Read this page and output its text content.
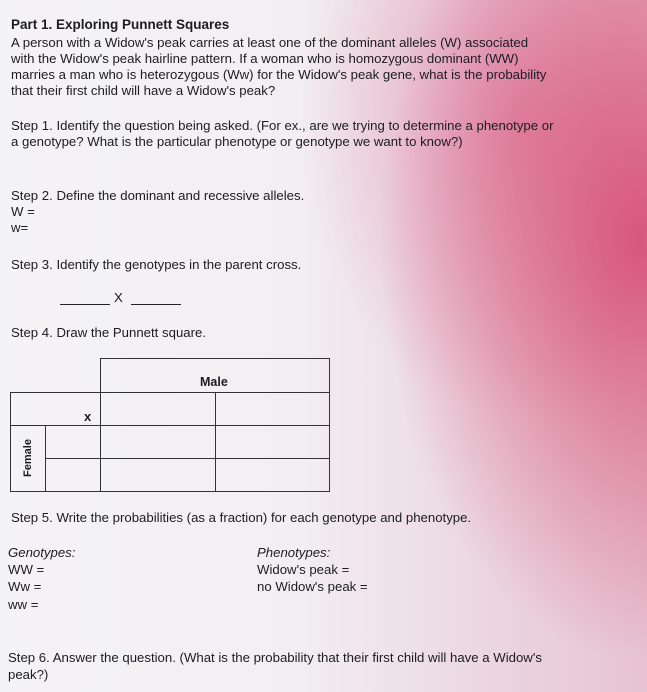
Part 1. Exploring Punnett Squares
A person with a Widow's peak carries at least one of the dominant alleles (W) associated
with the Widow's peak hairline pattern. If a woman who is homozygous dominant (WW)
marries a man who is heterozygous (Ww) for the Widow's peak gene, what is the probability
that their first child will have a Widow's peak?
Step 1. Identify the question being asked. (For ex., are we trying to determine a phenotype or
a genotype? What is the particular phenotype or genotype we want to know?)
Step 2. Define the dominant and recessive alleles.
W =
w=
Step 3. Identify the genotypes in the parent cross.
X
Step 4. Draw the Punnett square.
Male
x
Female
Step 5. Write the probabilities (as a fraction) for each genotype and phenotype.
Genotypes:
WW =
Ww =
ww =
Phenotypes:
Widow's peak =
no Widow's peak =
Step 6. Answer the question. (What is the probability that their first child will have a Widow's
peak?)
